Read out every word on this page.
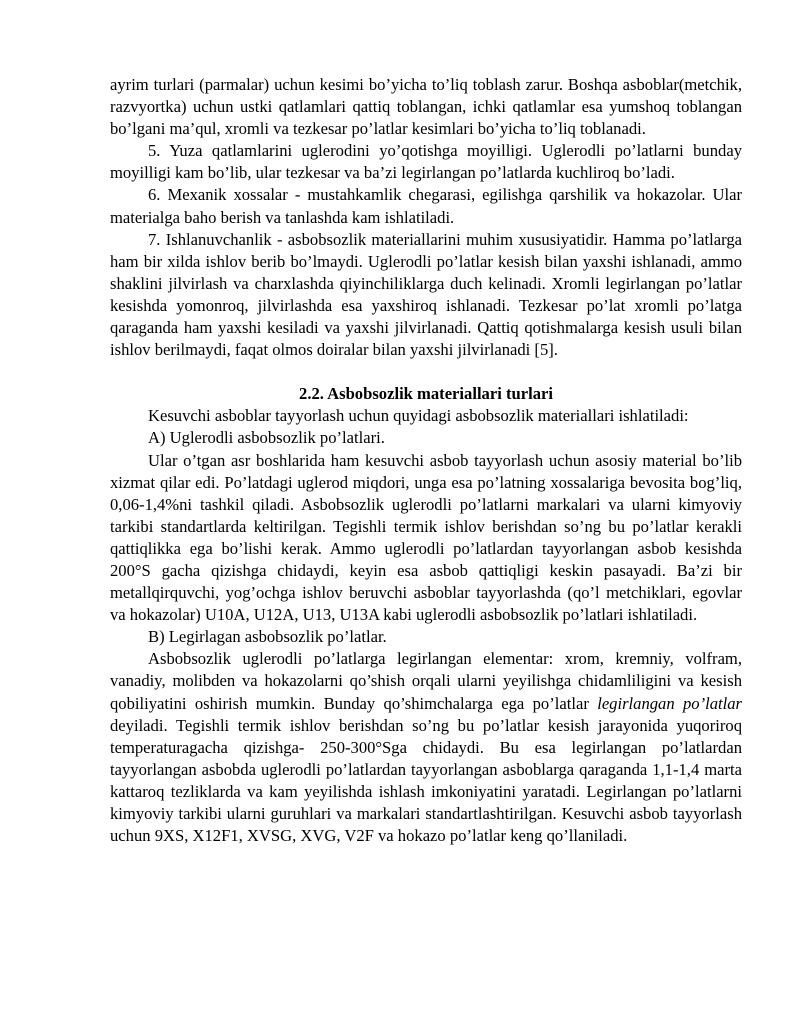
ayrim turlari (parmalar) uchun kesimi bo’yicha to’liq toblash zarur. Boshqa asboblar(metchik, razvyortka) uchun ustki qatlamlari qattiq toblangan, ichki qatlamlar esa yumshoq toblangan bo’lgani ma’qul, xromli va tezkesar po’latlar kesimlari bo’yicha to’liq toblanadi.

5. Yuza qatlamlarini uglerodini yo’qotishga moyilligi. Uglerodli po’latlarni bunday moyilligi kam bo’lib, ular tezkesar va ba’zi legirlangan po’latlarda kuchliroq bo’ladi.

6. Mexanik xossalar - mustahkamlik chegarasi, egilishga qarshilik va hokazolar. Ular materialga baho berish va tanlashda kam ishlatiladi.

7. Ishlanuvchanlik - asbobsozlik materiallarini muhim xususiyatidir. Hamma po’latlarga ham bir xilda ishlov berib bo’lmaydi. Uglerodli po’latlar kesish bilan yaxshi ishlanadi, ammo shaklini jilvirlash va charxlashda qiyinchiliklarga duch kelinadi. Xromli legirlangan po’latlar kesishda yomonroq, jilvirlashda esa yaxshiroq ishlanadi. Tezkesar po’lat xromli po’latga qaraganda ham yaxshi kesiladi va yaxshi jilvirlanadi. Qattiq qotishmalarga kesish usuli bilan ishlov berilmaydi, faqat olmos doiralar bilan yaxshi jilvirlanadi [5].

2.2. Asbobsozlik materiallari turlari

Kesuvchi asboblar tayyorlash uchun quyidagi asbobsozlik materiallari ishlatiladi:

A) Uglerodli asbobsozlik po’latlari.

Ular o’tgan asr boshlarida ham kesuvchi asbob tayyorlash uchun asosiy material bo’lib xizmat qilar edi. Po’latdagi uglerod miqdori, unga esa po’latning xossalariga bevosita bog’liq, 0,06-1,4%ni tashkil qiladi. Asbobsozlik uglerodli po’latlarni markalari va ularni kimyoviy tarkibi standartlarda keltirilgan. Tegishli termik ishlov berishdan so’ng bu po’latlar kerakli qattiqlikka ega bo’lishi kerak. Ammo uglerodli po’latlardan tayyorlangan asbob kesishda 200°S gacha qizishga chidaydi, keyin esa asbob qattiqligi keskin pasayadi. Ba’zi bir metallqirquvchi, yog’ochga ishlov beruvchi asboblar tayyorlashda (qo’l metchiklari, egovlar va hokazolar) U10A, U12A, U13, U13A kabi uglerodli asbobsozlik po’latlari ishlatiladi.

B) Legirlagan asbobsozlik po’latlar.

Asbobsozlik uglerodli po’latlarga legirlangan elementar: xrom, kremniy, volfram, vanadiy, molibden va hokazolarni qo’shish orqali ularni yeyilishga chidamliligini va kesish qobiliyatini oshirish mumkin. Bunday qo’shimchalarga ega po’latlar legirlangan po’latlar deyiladi. Tegishli termik ishlov berishdan so’ng bu po’latlar kesish jarayonida yuqoriroq temperaturagacha qizishga- 250-300°Sga chidaydi. Bu esa legirlangan po’latlardan tayyorlangan asbobda uglerodli po’latlardan tayyorlangan asboblarga qaraganda 1,1-1,4 marta kattaroq tezliklarda va kam yeyilishda ishlash imkoniyatini yaratadi. Legirlangan po’latlarni kimyoviy tarkibi ularni guruhlari va markalari standartlashtirilgan. Kesuvchi asbob tayyorlash uchun 9XS, X12F1, XVSG, XVG, V2F va hokazo po’latlar keng qo’llaniladi.
